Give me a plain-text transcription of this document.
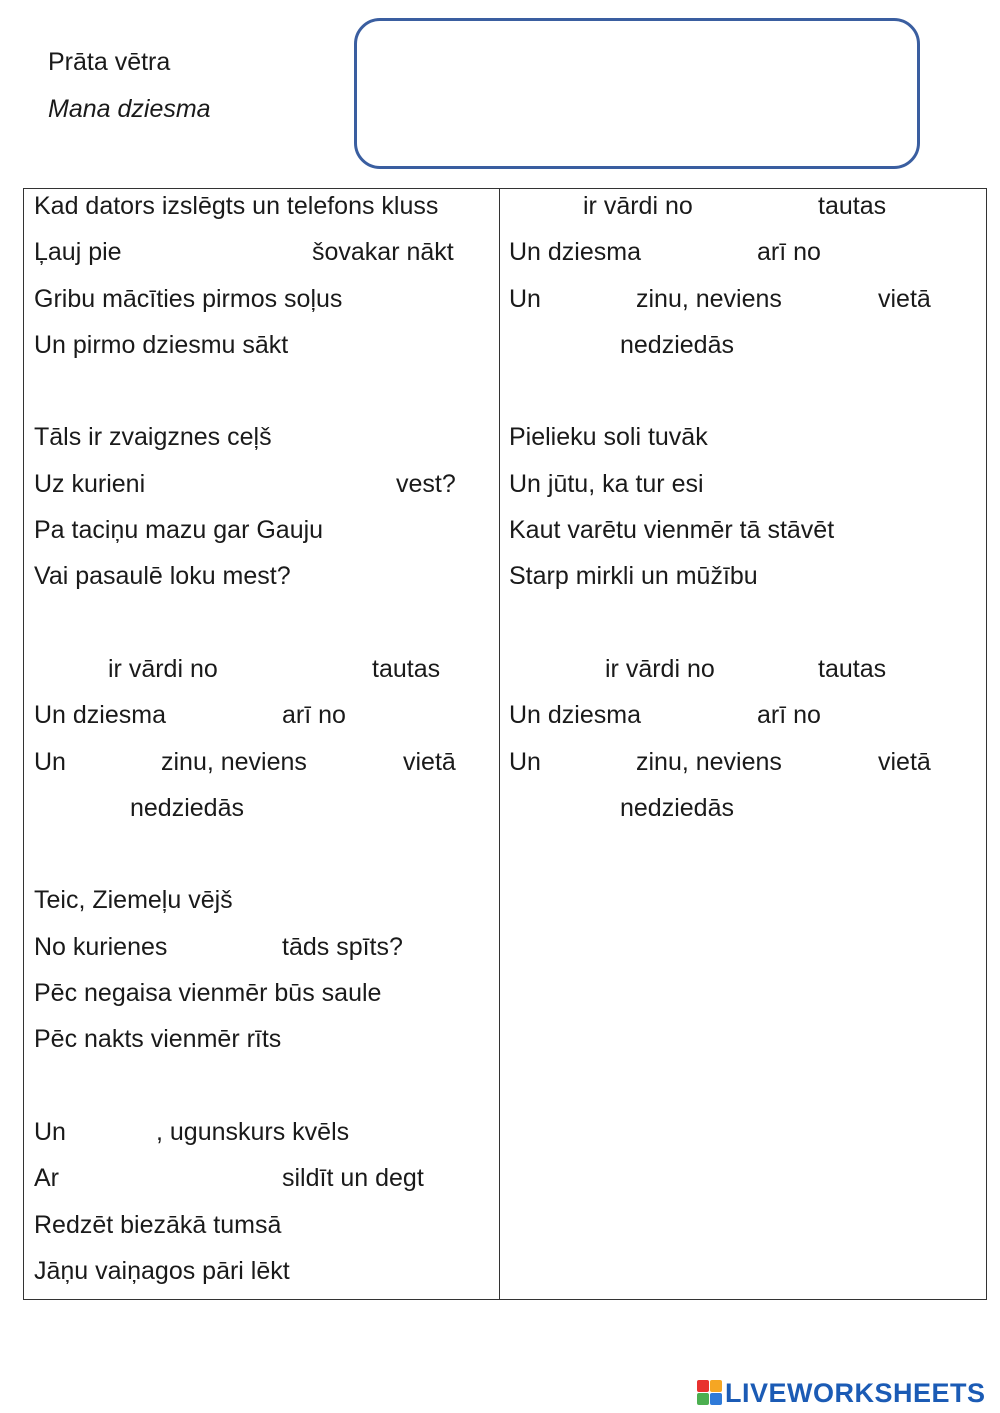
Prāta vētra
Mana dziesma
Kad dators izslēgts un telefons kluss
Ļauj pie	šovakar nākt
Gribu mācīties pirmos soļus
Un pirmo dziesmu sākt
Tāls ir zvaigznes ceļš
Uz kurieni	vest?
Pa taciņu mazu gar Gauju
Vai pasaulē loku mest?
ir vārdi no	tautas
Un dziesma	arī no
Un	zinu, neviens	vietā
nedziedās
Teic, Ziemeļu vējš
No kurienes	tāds spīts?
Pēc negaisa vienmēr būs saule
Pēc nakts vienmēr rīts
Un	, ugunskurs kvēls
Ar	sildīt un degt
Redzēt biezākā tumsā
Jāņu vaiņagos pāri lēkt
ir vārdi no	tautas
Un dziesma	arī no
Un	zinu, neviens	vietā
nedziedās
Pielieku soli tuvāk
Un jūtu, ka tur esi
Kaut varētu vienmēr tā stāvēt
Starp mirkli un mūžību
ir vārdi no	tautas
Un dziesma	arī no
Un	zinu, neviens	vietā
nedziedās
LIVEWORKSHEETS
